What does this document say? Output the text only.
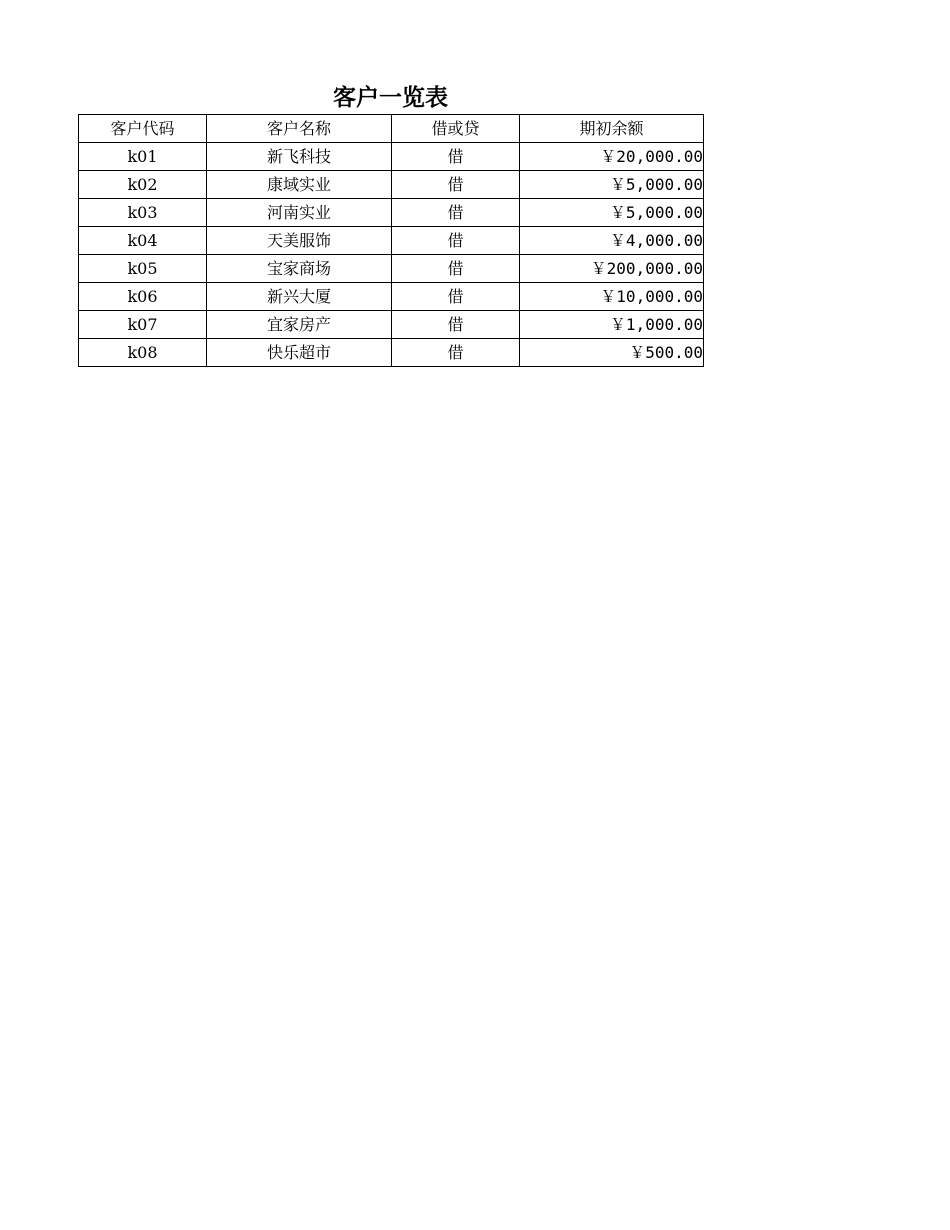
客户一览表
客户代码	客户名称	借或贷	期初余额
k01	新飞科技	借	￥20,000.00
k02	康域实业	借	￥5,000.00
k03	河南实业	借	￥5,000.00
k04	天美服饰	借	￥4,000.00
k05	宝家商场	借	￥200,000.00
k06	新兴大厦	借	￥10,000.00
k07	宜家房产	借	￥1,000.00
k08	快乐超市	借	￥500.00
